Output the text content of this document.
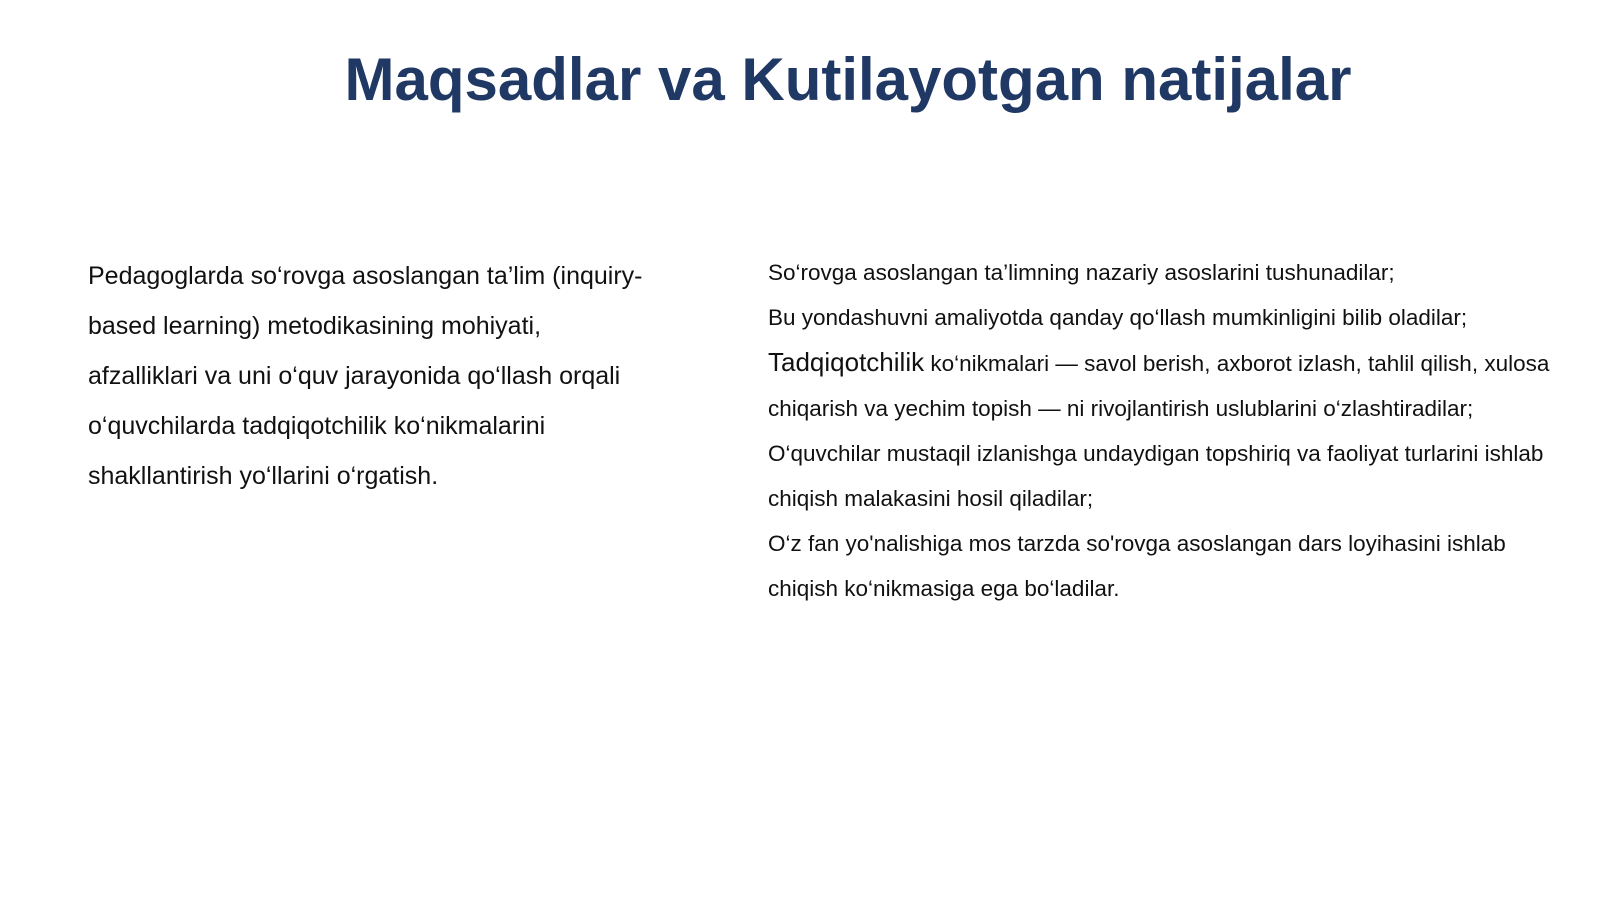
Maqsadlar va Kutilayotgan natijalar

Pedagoglarda so‘rovga asoslangan ta’lim (inquiry-based learning) metodikasining mohiyati, afzalliklari va uni o‘quv jarayonida qo‘llash orqali o‘quvchilarda tadqiqotchilik ko‘nikmalarini shakllantirish yo‘llarini o‘rgatish.

So‘rovga asoslangan ta’limning nazariy asoslarini tushunadilar;
Bu yondashuvni amaliyotda qanday qo‘llash mumkinligini bilib oladilar;
Tadqiqotchilik ko‘nikmalari — savol berish, axborot izlash, tahlil qilish, xulosa chiqarish va yechim topish — ni rivojlantirish uslublarini o‘zlashtiradilar;
O‘quvchilar mustaqil izlanishga undaydigan topshiriq va faoliyat turlarini ishlab chiqish malakasini hosil qiladilar;
O‘z fan yo'nalishiga mos tarzda so'rovga asoslangan dars loyihasini ishlab chiqish ko‘nikmasiga ega bo‘ladilar.
